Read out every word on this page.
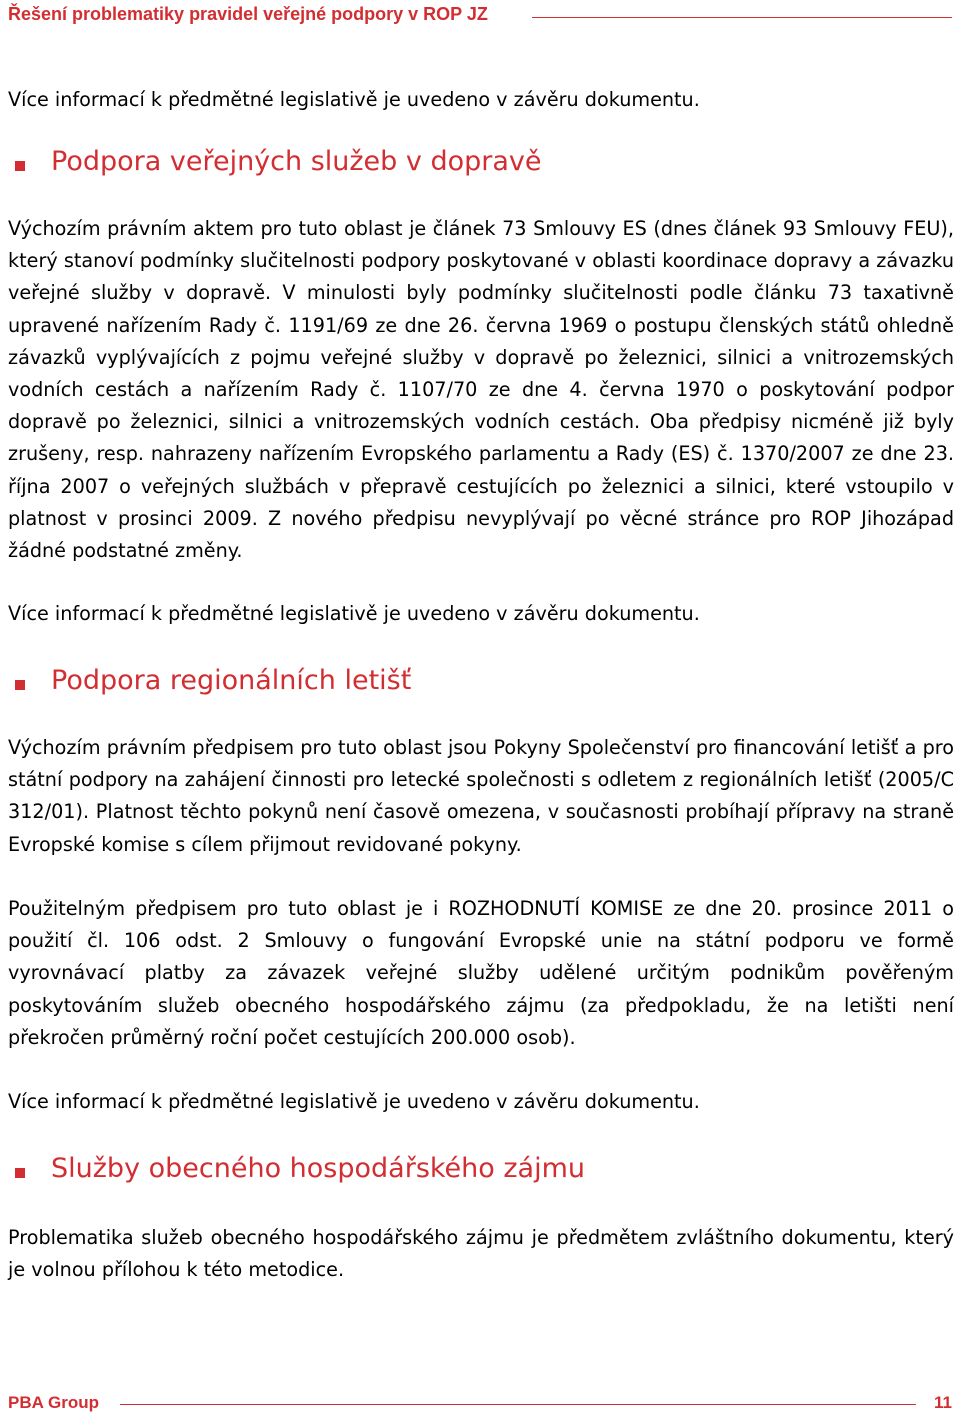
Řešení problematiky pravidel veřejné podpory v ROP JZ

Více informací k předmětné legislativě je uvedeno v závěru dokumentu.

Podpora veřejných služeb v dopravě

Výchozím právním aktem pro tuto oblast je článek 73 Smlouvy ES (dnes článek 93 Smlouvy FEU), který stanoví podmínky slučitelnosti podpory poskytované v oblasti koordinace dopravy a závazku veřejné služby v dopravě. V minulosti byly podmínky slučitelnosti podle článku 73 taxativně upravené nařízením Rady č. 1191/69 ze dne 26. června 1969 o postupu členských států ohledně závazků vyplývajících z pojmu veřejné služby v dopravě po železnici, silnici a vnitrozemských vodních cestách a nařízením Rady č. 1107/70 ze dne 4. června 1970 o poskytování podpor dopravě po železnici, silnici a vnitrozemských vodních cestách. Oba předpisy nicméně již byly zrušeny, resp. nahrazeny nařízením Evropského parlamentu a Rady (ES) č. 1370/2007 ze dne 23. října 2007 o veřejných službách v přepravě cestujících po železnici a silnici, které vstoupilo v platnost v prosinci 2009. Z nového předpisu nevyplývají po věcné stránce pro ROP Jihozápad žádné podstatné změny.

Více informací k předmětné legislativě je uvedeno v závěru dokumentu.

Podpora regionálních letišť

Výchozím právním předpisem pro tuto oblast jsou Pokyny Společenství pro financování letišť a pro státní podpory na zahájení činnosti pro letecké společnosti s odletem z regionálních letišť (2005/C 312/01). Platnost těchto pokynů není časově omezena, v současnosti probíhají přípravy na straně Evropské komise s cílem přijmout revidované pokyny.

Použitelným předpisem pro tuto oblast je i ROZHODNUTÍ KOMISE ze dne 20. prosince 2011 o použití čl. 106 odst. 2 Smlouvy o fungování Evropské unie na státní podporu ve formě vyrovnávací platby za závazek veřejné služby udělené určitým podnikům pověřeným poskytováním služeb obecného hospodářského zájmu (za předpokladu, že na letišti není překročen průměrný roční počet cestujících 200.000 osob).

Více informací k předmětné legislativě je uvedeno v závěru dokumentu.

Služby obecného hospodářského zájmu

Problematika služeb obecného hospodářského zájmu je předmětem zvláštního dokumentu, který je volnou přílohou k této metodice.

PBA Group	11
